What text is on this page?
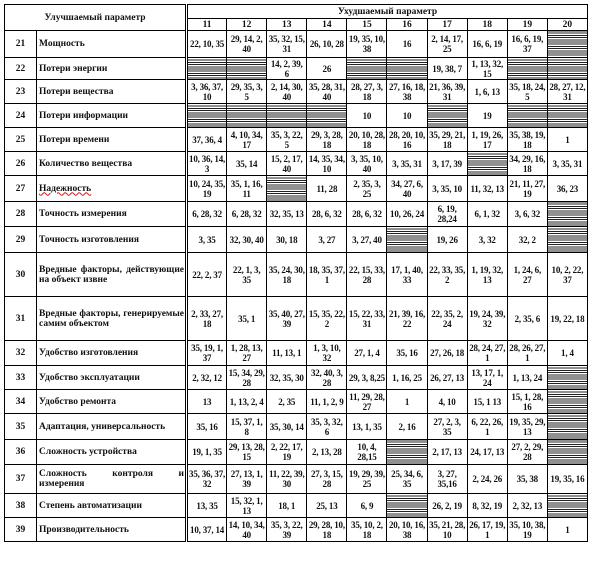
Улучшаемый параметр		Ухудшаемый параметр									
		11	12	13	14	15	16	17	18	19	20
21	Мощность	22, 10, 35	29, 14, 2, 40	35, 32, 15, 31	26, 10, 28	19, 35, 10, 38	16	2, 14, 17, 25	16, 6, 19	16, 6, 19, 37	
22	Потери энергии			14, 2, 39, 6	26			19, 38, 7	1, 13, 32, 15		
23	Потери вещества	3, 36, 37, 10	29, 35, 3, 5	2, 14, 30, 40	35, 28, 31, 40	28, 27, 3, 18	27, 16, 18, 38	21, 36, 39, 31	1, 6, 13	35, 18, 24, 5	28, 27, 12, 31
24	Потери информации					10	10		19		
25	Потери времени	37, 36, 4	4, 10, 34, 17	35, 3, 22, 5	29, 3, 28, 18	20, 10, 28, 18	28, 20, 10, 16	35, 29, 21, 18	1, 19, 26, 17	35, 38, 19, 18	1
26	Количество вещества	10, 36, 14, 3	35, 14	15, 2, 17, 40	14, 35, 34, 10	3, 35, 10, 40	3, 35, 31	3, 17, 39		34, 29, 16, 18	3, 35, 31
27	Надежность	10, 24, 35, 19	35, 1, 16, 11		11, 28	2, 35, 3, 25	34, 27, 6, 40	3, 35, 10	11, 32, 13	21, 11, 27, 19	36, 23
28	Точность измерения	6, 28, 32	6, 28, 32	32, 35, 13	28, 6, 32	28, 6, 32	10, 26, 24	6, 19, 28,24	6, 1, 32	3, 6, 32	
29	Точность изготовления	3, 35	32, 30, 40	30, 18	3, 27	3, 27, 40		19, 26	3, 32	32, 2	
30	Вредные факторы, действующие на объект извне	22, 2, 37	22, 1, 3, 35	35, 24, 30, 18	18, 35, 37, 1	22, 15, 33, 28	17, 1, 40, 33	22, 33, 35, 2	1, 19, 32, 13	1, 24, 6, 27	10, 2, 22, 37
31	Вредные факторы, генерируемые самим объектом	2, 33, 27, 18	35, 1	35, 40, 27, 39	15, 35, 22, 2	15, 22, 33, 31	21, 39, 16, 22	22, 35, 2, 24	19, 24, 39, 32	2, 35, 6	19, 22, 18
32	Удобство изготовления	35, 19, 1, 37	1, 28, 13, 27	11, 13, 1	1, 3, 10, 32	27, 1, 4	35, 16	27, 26, 18	28, 24, 27, 1	28, 26, 27, 1	1, 4
33	Удобство эксплуатации	2, 32, 12	15, 34, 29, 28	32, 35, 30	32, 40, 3, 28	29, 3, 8,25	1, 16, 25	26, 27, 13	13, 17, 1, 24	1, 13, 24	
34	Удобство ремонта	13	1, 13, 2, 4	2, 35	11, 1, 2, 9	11, 29, 28, 27	1	4, 10	15, 1 13	15, 1, 28, 16	
35	Адаптация, универсальность	35, 16	15, 37, 1, 8	35, 30, 14	35, 3, 32, 6	13, 1, 35	2, 16	27, 2, 3, 35	6, 22, 26, 1	19, 35, 29, 13	
36	Сложность устройства	19, 1, 35	29, 13, 28, 15	2, 22, 17, 19	2, 13, 28	10, 4, 28,15		2, 17, 13	24, 17, 13	27, 2, 29, 28	
37	Сложность контроля и измерения	35, 36, 37, 32	27, 13, 1, 39	11, 22, 39, 30	27, 3, 15, 28	19, 29, 39, 25	25, 34, 6, 35	3, 27, 35,16	2, 24, 26	35, 38	19, 35, 16
38	Степень автоматизации	13, 35	15, 32, 1, 13	18, 1	25, 13	6, 9		26, 2, 19	8, 32, 19	2, 32, 13	
39	Производительность	10, 37, 14	14, 10, 34, 40	35, 3, 22, 39	29, 28, 10, 18	35, 10, 2, 18	20, 10, 16, 38	35, 21, 28, 10	26, 17, 19, 1	35, 10, 38, 19	1
